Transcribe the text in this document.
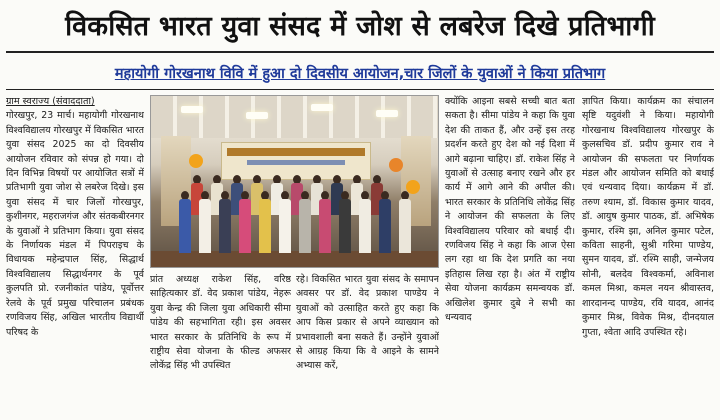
विकसित भारत युवा संसद में जोश से लबरेज दिखे प्रतिभागी
महायोगी गोरखनाथ विवि में हुआ दो दिवसीय आयोजन,चार जिलों के युवाओं ने किया प्रतिभाग
ग्राम स्वराज्य (संवाददाता)
गोरखपुर, 23 मार्च। महायोगी गोरखनाथ विश्वविद्यालय गोरखपुर में विकसित भारत युवा संसद 2025 का दो दिवसीय आयोजन रविवार को संपन्न हो गया। दो दिन विभिन्न विषयों पर आयोजित सत्रों में प्रतिभागी युवा जोश से लबरेज दिखे। इस युवा संसद में चार जिलों गोरखपुर, कुशीनगर, महराजगंज और संतकबीरनगर के युवाओं ने प्रतिभाग किया। युवा संसद के निर्णायक मंडल में पिपराइच के विधायक महेन्द्रपाल सिंह, सिद्धार्थ विश्वविद्यालय सिद्धार्थनगर के पूर्व कुलपति प्रो. रजनीकांत पांडेय, पूर्वोत्तर रेलवे के पूर्व प्रमुख परिचालन प्रबंधक रणविजय सिंह, अखिल भारतीय विद्यार्थी परिषद के
प्रांत अध्यक्ष राकेश सिंह, वरिष्ठ साहित्यकार डॉ. वेद प्रकाश पांडेय, नेहरू युवा केन्द्र की जिला युवा अधिकारी सीमा पांडेय की सहभागिता रही। इस अवसर भारत सरकार के प्रतिनिधि के रूप में राष्ट्रीय सेवा योजना के फील्ड अफसर लोकेंद्र सिंह भी उपस्थित
रहे। विकसित भारत युवा संसद के समापन अवसर पर डॉ. वेद प्रकाश पाण्डेय ने युवाओं को उत्साहित करते हुए कहा कि आप किस प्रकार से अपने व्याख्यान को प्रभावशाली बना सकते हैं। उन्होंने युवाओं से आग्रह किया कि वे आइने के सामने अभ्यास करें,
क्योंकि आइना सबसे सच्ची बात बता सकता है। सीमा पांडेय ने कहा कि युवा देश की ताकत हैं, और उन्हें इस तरह प्रदर्शन करते हुए देश को नई दिशा में आगे बढ़ाना चाहिए। डॉ. राकेश सिंह ने युवाओं से उत्साह बनाए रखने और हर कार्य में आगे आने की अपील की। भारत सरकार के प्रतिनिधि लोकेंद्र सिंह ने आयोजन की सफलता के लिए विश्वविद्यालय परिवार को बधाई दी। रणविजय सिंह ने कहा कि आज ऐसा लग रहा था कि देश प्रगति का नया इतिहास लिख रहा है। अंत में राष्ट्रीय सेवा योजना कार्यक्रम समन्वयक डॉ. अखिलेश कुमार दुबे ने सभी का धन्यवाद
ज्ञापित किया। कार्यक्रम का संचालन सृष्टि यदुवंशी ने किया। महायोगी गोरखनाथ विश्वविद्यालय गोरखपुर के कुलसचिव डॉ. प्रदीप कुमार राव ने आयोजन की सफलता पर निर्णायक मंडल और आयोजन समिति को बधाई एवं धन्यवाद दिया। कार्यक्रम में डॉ. तरुण श्याम, डॉ. विकास कुमार यादव, डॉ. आयुष कुमार पाठक, डॉ. अभिषेक कुमार, रश्मि झा, अनिल कुमार पटेल, कविता साहनी, सुश्री गरिमा पाण्डेय, सुमन यादव, डॉ. रश्मि साही, जन्मेजय सोनी, बलदेव विश्वकर्मा, अविनाश कमल मिश्रा, कमल नयन श्रीवास्तव, शारदानन्द पाण्डेय, रवि यादव, आनंद कुमार मिश्र, विवेक मिश्र, दीनदयाल गुप्ता, श्वेता आदि उपस्थित रहे।
